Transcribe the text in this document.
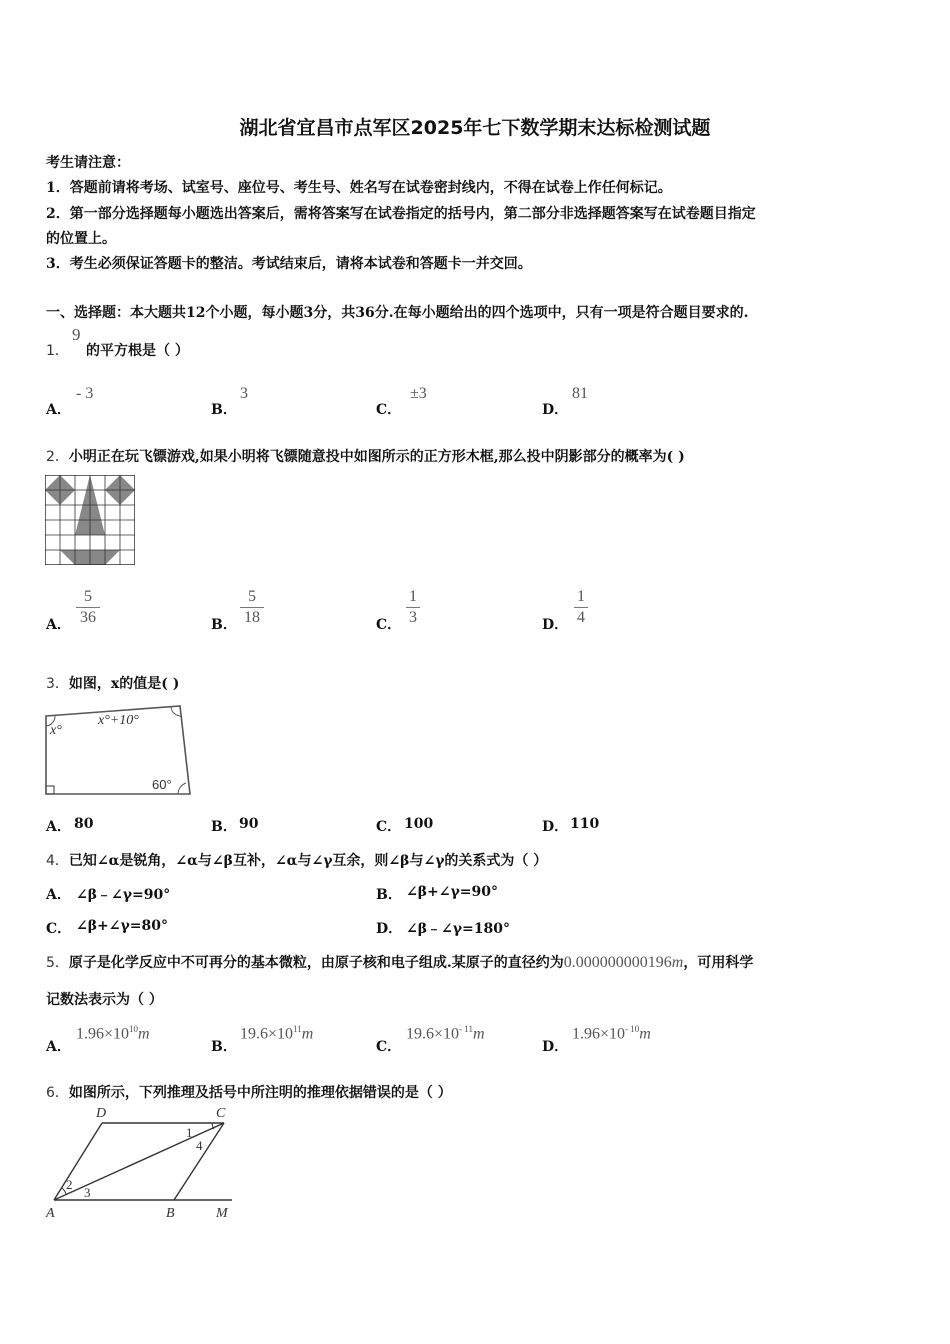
湖北省宜昌市点军区2025年七下数学期末达标检测试题
考生请注意：
1．答题前请将考场、试室号、座位号、考生号、姓名写在试卷密封线内，不得在试卷上作任何标记。
2．第一部分选择题每小题选出答案后，需将答案写在试卷指定的括号内，第二部分非选择题答案写在试卷题目指定
的位置上。
3．考生必须保证答题卡的整洁。考试结束后，请将本试卷和答题卡一并交回。
一、选择题：本大题共12个小题，每小题3分，共36分.在每小题给出的四个选项中，只有一项是符合题目要求的.
1．
9
的平方根是（ ）
A．
- 3
B．
3
C．
±3
D．
81
2．小明正在玩飞镖游戏,如果小明将飞镖随意投中如图所示的正方形木框,那么投中阴影部分的概率为( )
A．
5
36	B．
5
18	C．
1
3	D．
1
4
3．如图，x的值是( )
x°
x°+10°
60°
A． 80	B． 90	C． 100	D． 110
4．已知∠α是锐角，∠α与∠β互补，∠α与∠γ互余，则∠β与∠γ的关系式为（ ）
A． ∠β﹣∠γ=90°	B． ∠β+∠γ=90°
C． ∠β+∠γ=80°	D． ∠β﹣∠γ=180°
5．原子是化学反应中不可再分的基本微粒，由原子核和电子组成.某原子的直径约为0.000000000196m，可用科学
记数法表示为（ ）
A．
$1.96\times 10^{10}m$
B．
$19.6\times 10^{11}m$
C．
$19.6\times 10^{- 11}m$
D．
$1.96\times 10^{- 10}m$
6．如图所示，下列推理及括号中所注明的推理依据错误的是（ ）
D	C
1
4
2
3
A	B	M
